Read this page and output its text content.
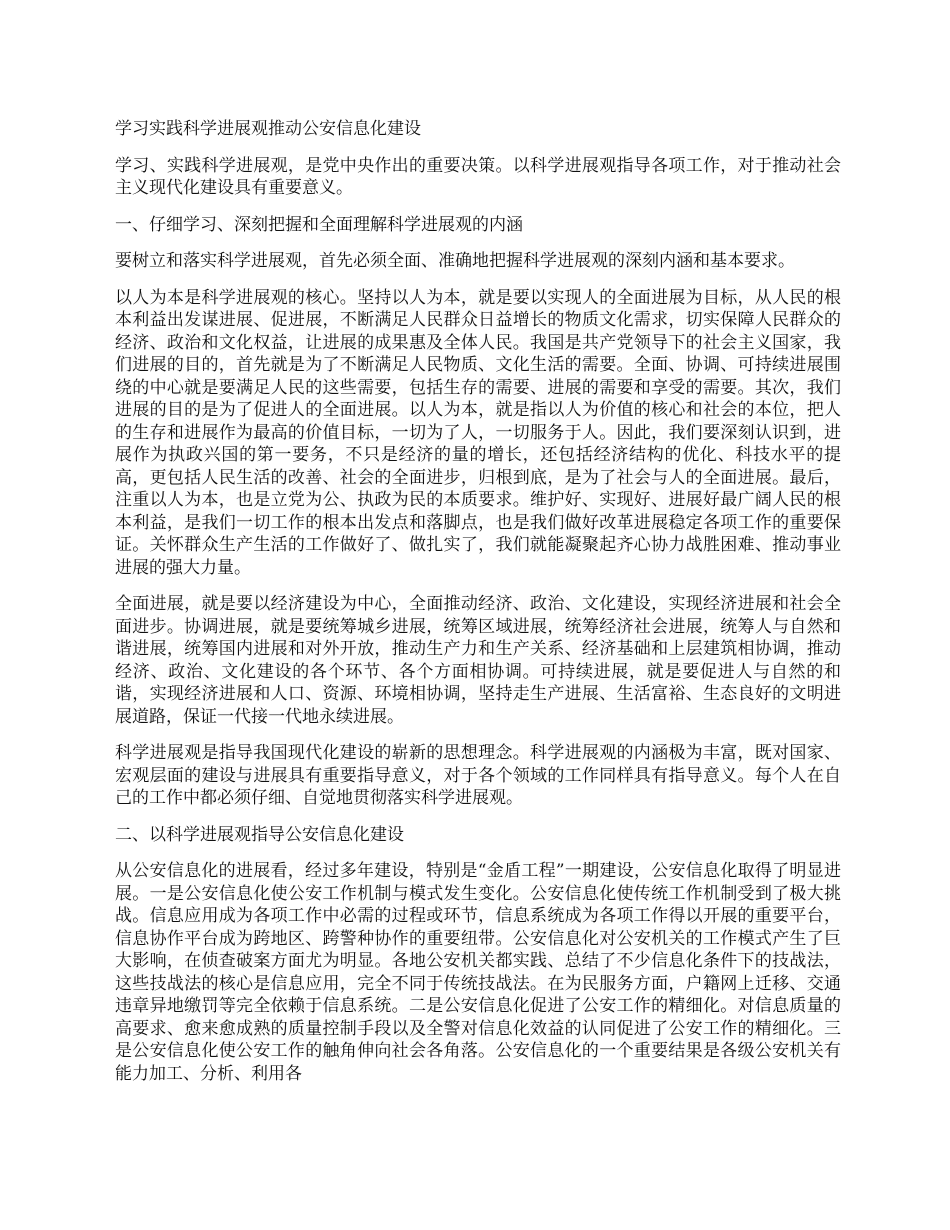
学习实践科学进展观推动公安信息化建设

学习、实践科学进展观，是党中央作出的重要决策。以科学进展观指导各项工作，对于推动社会主义现代化建设具有重要意义。

一、仔细学习、深刻把握和全面理解科学进展观的内涵

要树立和落实科学进展观，首先必须全面、准确地把握科学进展观的深刻内涵和基本要求。

以人为本是科学进展观的核心。坚持以人为本，就是要以实现人的全面进展为目标，从人民的根本利益出发谋进展、促进展，不断满足人民群众日益增长的物质文化需求，切实保障人民群众的经济、政治和文化权益，让进展的成果惠及全体人民。我国是共产党领导下的社会主义国家，我们进展的目的，首先就是为了不断满足人民物质、文化生活的需要。全面、协调、可持续进展围绕的中心就是要满足人民的这些需要，包括生存的需要、进展的需要和享受的需要。其次，我们进展的目的是为了促进人的全面进展。以人为本，就是指以人为价值的核心和社会的本位，把人的生存和进展作为最高的价值目标，一切为了人，一切服务于人。因此，我们要深刻认识到，进展作为执政兴国的第一要务，不只是经济的量的增长，还包括经济结构的优化、科技水平的提高，更包括人民生活的改善、社会的全面进步，归根到底，是为了社会与人的全面进展。最后，注重以人为本，也是立党为公、执政为民的本质要求。维护好、实现好、进展好最广阔人民的根本利益，是我们一切工作的根本出发点和落脚点，也是我们做好改革进展稳定各项工作的重要保证。关怀群众生产生活的工作做好了、做扎实了，我们就能凝聚起齐心协力战胜困难、推动事业进展的强大力量。

全面进展，就是要以经济建设为中心，全面推动经济、政治、文化建设，实现经济进展和社会全面进步。协调进展，就是要统筹城乡进展，统筹区域进展，统筹经济社会进展，统筹人与自然和谐进展，统筹国内进展和对外开放，推动生产力和生产关系、经济基础和上层建筑相协调，推动经济、政治、文化建设的各个环节、各个方面相协调。可持续进展，就是要促进人与自然的和谐，实现经济进展和人口、资源、环境相协调，坚持走生产进展、生活富裕、生态良好的文明进展道路，保证一代接一代地永续进展。

科学进展观是指导我国现代化建设的崭新的思想理念。科学进展观的内涵极为丰富，既对国家、宏观层面的建设与进展具有重要指导意义，对于各个领域的工作同样具有指导意义。每个人在自己的工作中都必须仔细、自觉地贯彻落实科学进展观。

二、以科学进展观指导公安信息化建设

从公安信息化的进展看，经过多年建设，特别是“金盾工程”一期建设，公安信息化取得了明显进展。一是公安信息化使公安工作机制与模式发生变化。公安信息化使传统工作机制受到了极大挑战。信息应用成为各项工作中必需的过程或环节，信息系统成为各项工作得以开展的重要平台，信息协作平台成为跨地区、跨警种协作的重要纽带。公安信息化对公安机关的工作模式产生了巨大影响，在侦查破案方面尤为明显。各地公安机关都实践、总结了不少信息化条件下的技战法，这些技战法的核心是信息应用，完全不同于传统技战法。在为民服务方面，户籍网上迁移、交通违章异地缴罚等完全依赖于信息系统。二是公安信息化促进了公安工作的精细化。对信息质量的高要求、愈来愈成熟的质量控制手段以及全警对信息化效益的认同促进了公安工作的精细化。三是公安信息化使公安工作的触角伸向社会各角落。公安信息化的一个重要结果是各级公安机关有能力加工、分析、利用各
